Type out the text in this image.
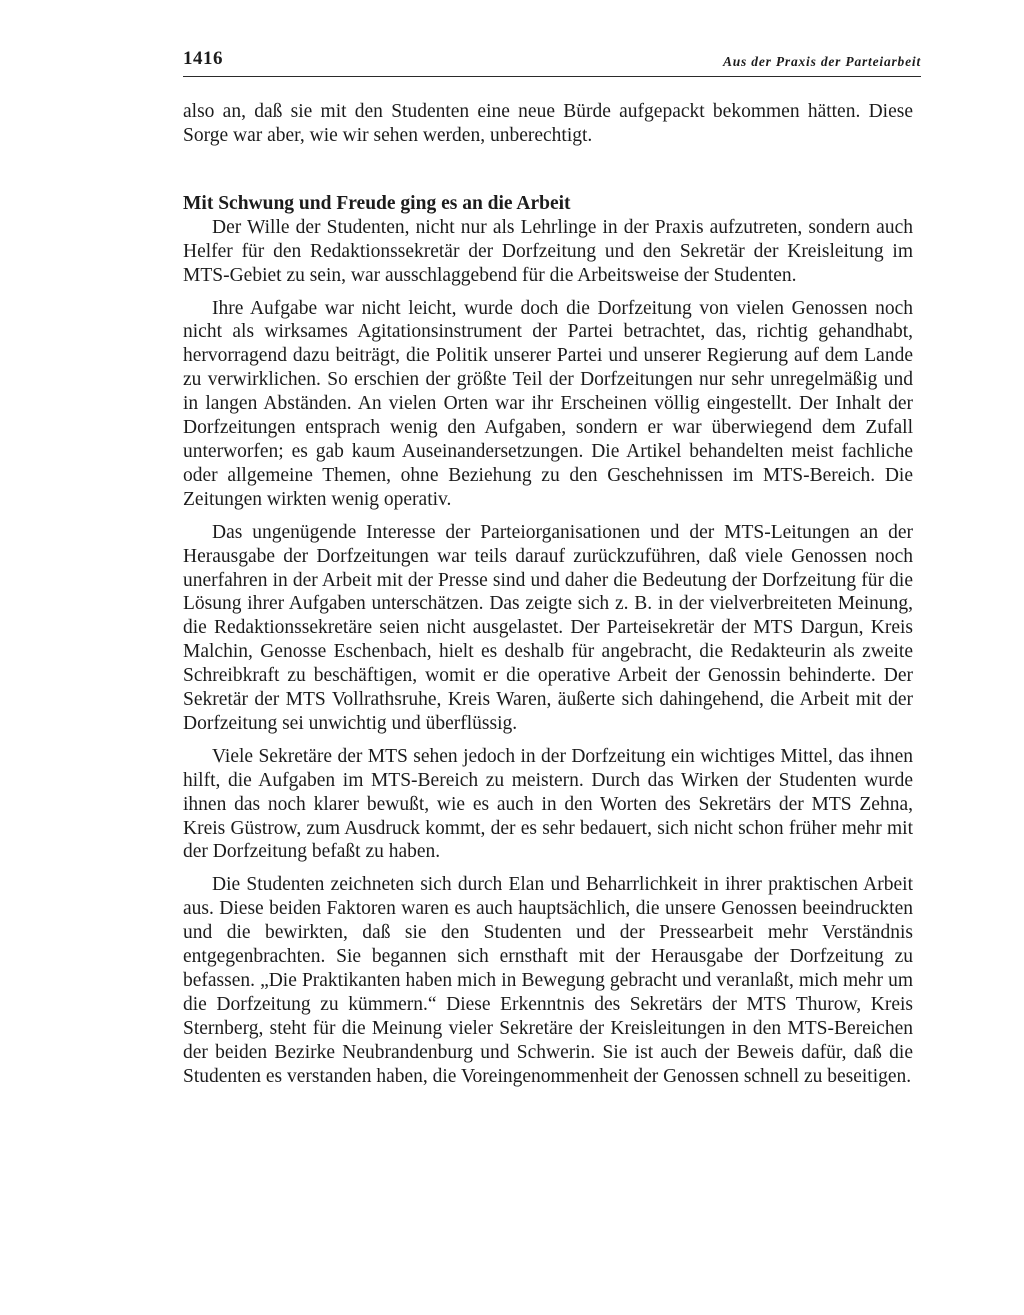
1416	Aus der Praxis der Parteiarbeit

also an, daß sie mit den Studenten eine neue Bürde aufgepackt bekommen hätten. Diese Sorge war aber, wie wir sehen werden, unberechtigt.

Mit Schwung und Freude ging es an die Arbeit

Der Wille der Studenten, nicht nur als Lehrlinge in der Praxis aufzutreten, sondern auch Helfer für den Redaktionssekretär der Dorfzeitung und den Sekretär der Kreisleitung im MTS-Gebiet zu sein, war ausschlaggebend für die Arbeitsweise der Studenten.

Ihre Aufgabe war nicht leicht, wurde doch die Dorfzeitung von vielen Genossen noch nicht als wirksames Agitationsinstrument der Partei betrachtet, das, richtig gehandhabt, hervorragend dazu beiträgt, die Politik unserer Partei und unserer Regierung auf dem Lande zu verwirklichen. So erschien der größte Teil der Dorfzeitungen nur sehr unregelmäßig und in langen Abständen. An vielen Orten war ihr Erscheinen völlig eingestellt. Der Inhalt der Dorfzeitungen entsprach wenig den Aufgaben, sondern er war überwiegend dem Zufall unterworfen; es gab kaum Auseinandersetzungen. Die Artikel behandelten meist fachliche oder allgemeine Themen, ohne Beziehung zu den Geschehnissen im MTS-Bereich. Die Zeitungen wirkten wenig operativ.

Das ungenügende Interesse der Parteiorganisationen und der MTS-Leitungen an der Herausgabe der Dorfzeitungen war teils darauf zurückzuführen, daß viele Genossen noch unerfahren in der Arbeit mit der Presse sind und daher die Bedeutung der Dorfzeitung für die Lösung ihrer Aufgaben unterschätzen. Das zeigte sich z. B. in der vielverbreiteten Meinung, die Redaktionssekretäre seien nicht ausgelastet. Der Parteisekretär der MTS Dargun, Kreis Malchin, Genosse Eschenbach, hielt es deshalb für angebracht, die Redakteurin als zweite Schreibkraft zu beschäftigen, womit er die operative Arbeit der Genossin behinderte. Der Sekretär der MTS Vollrathsruhe, Kreis Waren, äußerte sich dahingehend, die Arbeit mit der Dorfzeitung sei unwichtig und überflüssig.

Viele Sekretäre der MTS sehen jedoch in der Dorfzeitung ein wichtiges Mittel, das ihnen hilft, die Aufgaben im MTS-Bereich zu meistern. Durch das Wirken der Studenten wurde ihnen das noch klarer bewußt, wie es auch in den Worten des Sekretärs der MTS Zehna, Kreis Güstrow, zum Ausdruck kommt, der es sehr bedauert, sich nicht schon früher mehr mit der Dorfzeitung befaßt zu haben.

Die Studenten zeichneten sich durch Elan und Beharrlichkeit in ihrer praktischen Arbeit aus. Diese beiden Faktoren waren es auch hauptsächlich, die unsere Genossen beeindruckten und die bewirkten, daß sie den Studenten und der Pressearbeit mehr Verständnis entgegenbrachten. Sie begannen sich ernsthaft mit der Herausgabe der Dorfzeitung zu befassen. „Die Praktikanten haben mich in Bewegung gebracht und veranlaßt, mich mehr um die Dorfzeitung zu kümmern.“ Diese Erkenntnis des Sekretärs der MTS Thurow, Kreis Sternberg, steht für die Meinung vieler Sekretäre der Kreisleitungen in den MTS-Bereichen der beiden Bezirke Neubrandenburg und Schwerin. Sie ist auch der Beweis dafür, daß die Studenten es verstanden haben, die Voreingenommenheit der Genossen schnell zu beseitigen.
